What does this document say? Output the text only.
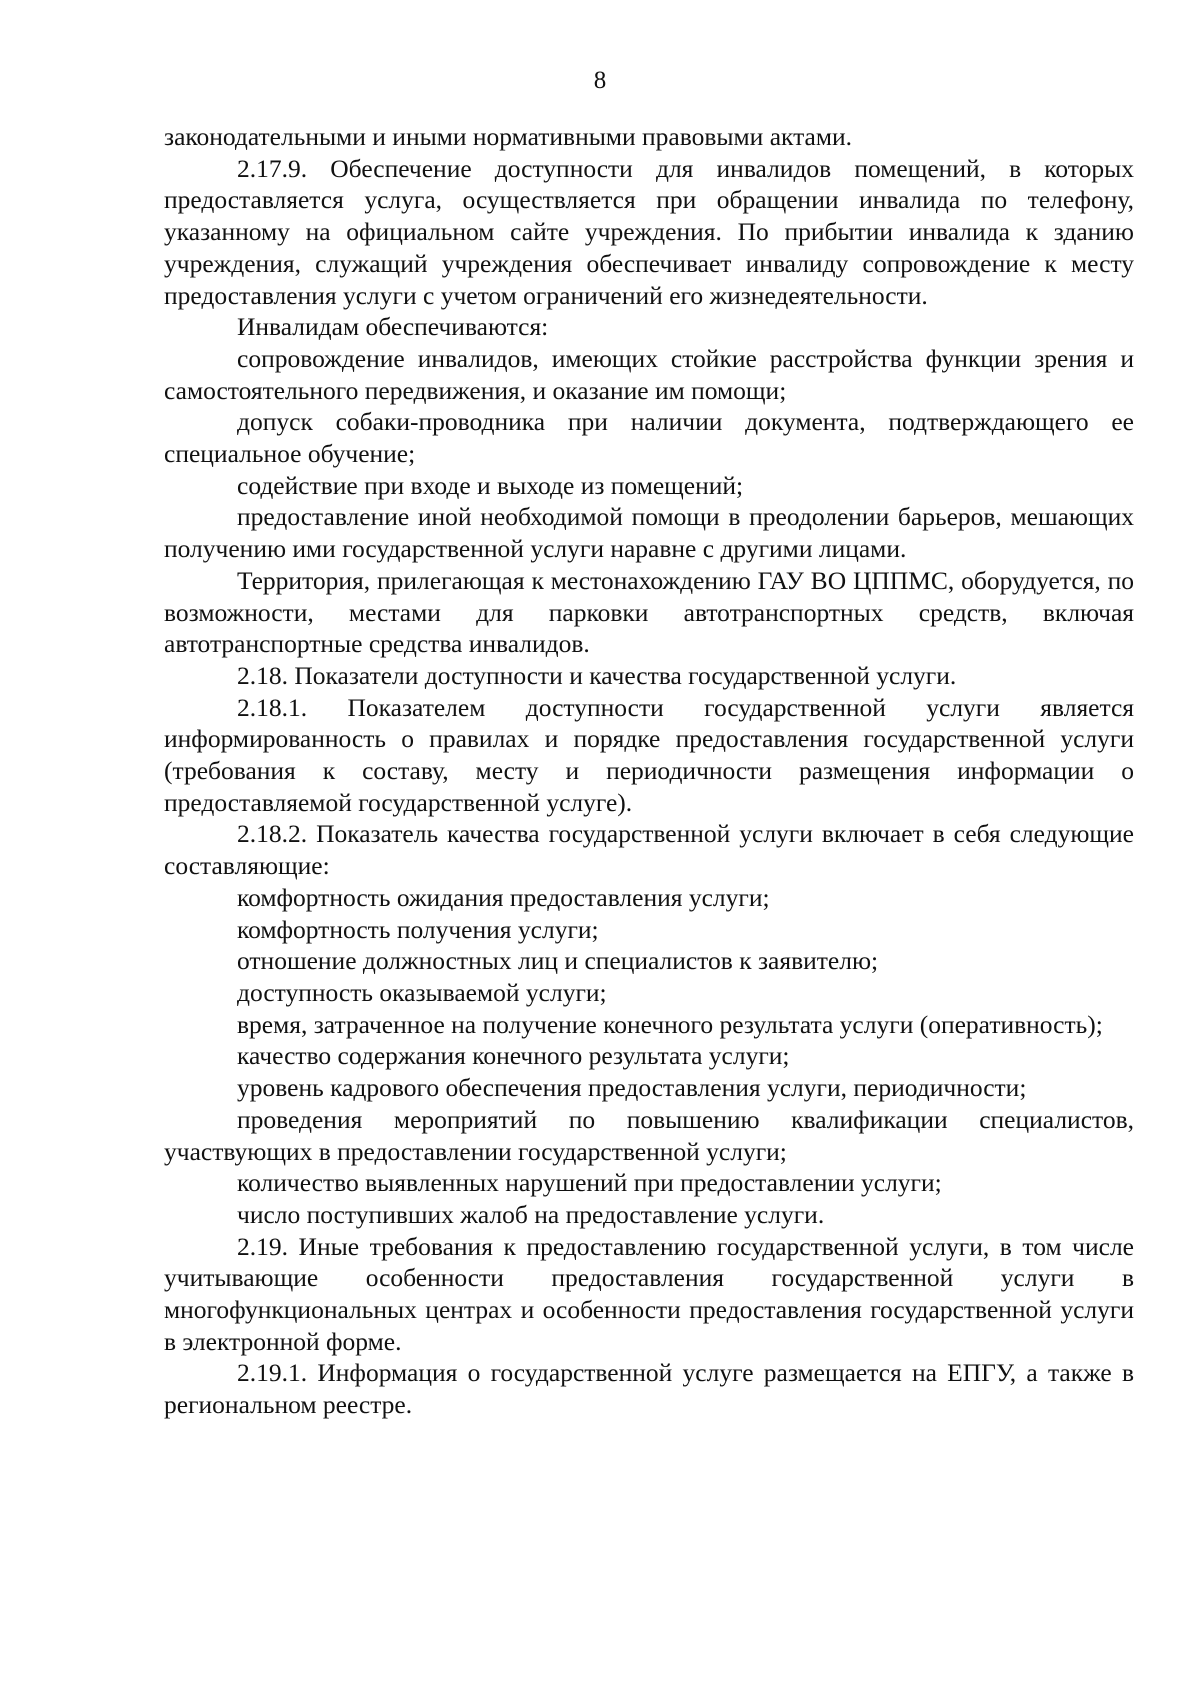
8

законодательными и иными нормативными правовыми актами.

2.17.9. Обеспечение доступности для инвалидов помещений, в которых предоставляется услуга, осуществляется при обращении инвалида по телефону, указанному на официальном сайте учреждения. По прибытии инвалида к зданию учреждения, служащий учреждения обеспечивает инвалиду сопровождение к месту предоставления услуги с учетом ограничений его жизнедеятельности.

Инвалидам обеспечиваются:

сопровождение инвалидов, имеющих стойкие расстройства функции зрения и самостоятельного передвижения, и оказание им помощи;

допуск собаки-проводника при наличии документа, подтверждающего ее специальное обучение;

содействие при входе и выходе из помещений;

предоставление иной необходимой помощи в преодолении барьеров, мешающих получению ими государственной услуги наравне с другими лицами.

Территория, прилегающая к местонахождению ГАУ ВО ЦППМС, оборудуется, по возможности, местами для парковки автотранспортных средств, включая автотранспортные средства инвалидов.

2.18. Показатели доступности и качества государственной услуги.

2.18.1. Показателем доступности государственной услуги является информированность о правилах и порядке предоставления государственной услуги (требования к составу, месту и периодичности размещения информации о предоставляемой государственной услуге).

2.18.2. Показатель качества государственной услуги включает в себя следующие составляющие:

комфортность ожидания предоставления услуги;

комфортность получения услуги;

отношение должностных лиц и специалистов к заявителю;

доступность оказываемой услуги;

время, затраченное на получение конечного результата услуги (оперативность);

качество содержания конечного результата услуги;

уровень кадрового обеспечения предоставления услуги, периодичности;

проведения мероприятий по повышению квалификации специалистов, участвующих в предоставлении государственной услуги;

количество выявленных нарушений при предоставлении услуги;

число поступивших жалоб на предоставление услуги.

2.19. Иные требования к предоставлению государственной услуги, в том числе учитывающие особенности предоставления государственной услуги в многофункциональных центрах и особенности предоставления государственной услуги в электронной форме.

2.19.1. Информация о государственной услуге размещается на ЕПГУ, а также в региональном реестре.
